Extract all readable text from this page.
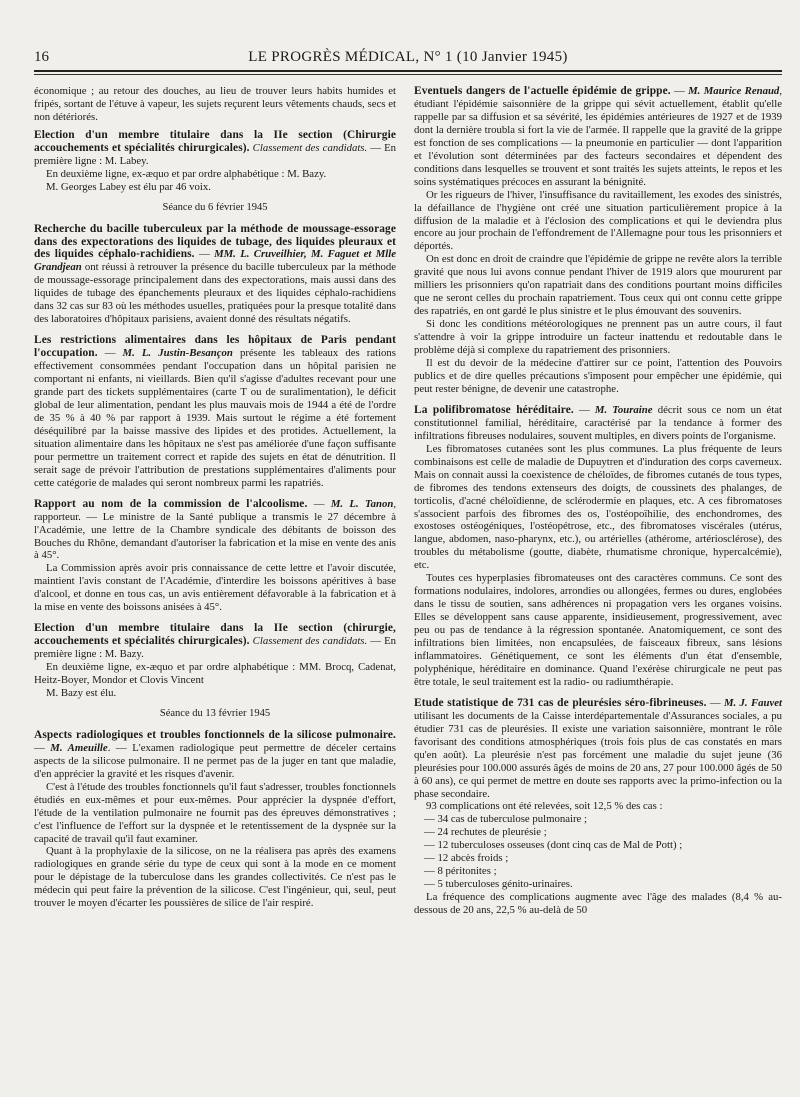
16	LE PROGRÈS MÉDICAL, N° 1 (10 Janvier 1945)

économique ; au retour des douches, au lieu de trouver leurs habits humides et fripés, sortant de l'étuve à vapeur, les sujets reçurent leurs vêtements chauds, secs et non détériorés.

Election d'un membre titulaire dans la IIe section (Chirurgie accouchements et spécialités chirurgicales). Classement des candidats. — En première ligne : M. Labey.

En deuxième ligne, ex-æquo et par ordre alphabétique : M. Bazy.

M. Georges Labey est élu par 46 voix.

Séance du 6 février 1945

Recherche du bacille tuberculeux par la méthode de moussage-essorage dans des expectorations des liquides de tubage, des liquides pleuraux et des liquides céphalo-rachidiens. — MM. L. Cruveilhier, M. Faguet et Mlle Grandjean ont réussi à retrouver la présence du bacille tuberculeux par la méthode de moussage-essorage principalement dans des expectorations, mais aussi dans des liquides de tubage des épanchements pleuraux et des liquides céphalo-rachidiens dans 32 cas sur 83 où les méthodes usuelles, pratiquées pour la presque totalité dans des laboratoires d'hôpitaux parisiens, avaient donné des résultats négatifs.

Les restrictions alimentaires dans les hôpitaux de Paris pendant l'occupation. — M. L. Justin-Besançon présente les tableaux des rations effectivement consommées pendant l'occupation dans un hôpital parisien ne comportant ni enfants, ni vieillards. Bien qu'il s'agisse d'adultes recevant pour une grande part des tickets supplémentaires (carte T ou de suralimentation), le déficit global de leur alimentation, pendant les plus mauvais mois de 1944 a été de l'ordre de 35 % à 40 % par rapport à 1939. Mais surtout le régime a été fortement déséquilibré par la baisse massive des lipides et des protides. Actuellement, la situation alimentaire dans les hôpitaux ne s'est pas améliorée d'une façon suffisante pour permettre un traitement correct et rapide des sujets en état de dénutrition. Il serait sage de prévoir l'attribution de prestations supplémentaires d'aliments pour cette catégorie de malades qui seront nombreux parmi les rapatriés.

Rapport au nom de la commission de l'alcoolisme. — M. L. Tanon, rapporteur. — Le ministre de la Santé publique a transmis le 27 décembre à l'Académie, une lettre de la Chambre syndicale des débitants de boisson des Bouches du Rhône, demandant d'autoriser la fabrication et la mise en vente des anis à 45°.

La Commission après avoir pris connaissance de cette lettre et l'avoir discutée, maintient l'avis constant de l'Académie, d'interdire les boissons apéritives à base d'alcool, et donne en tous cas, un avis entièrement défavorable à la fabrication et à la mise en vente des boissons anisées à 45°.

Election d'un membre titulaire dans la IIe section (chirurgie, accouchements et spécialités chirurgicales). Classement des candidats. — En première ligne : M. Bazy.

En deuxième ligne, ex-æquo et par ordre alphabétique : MM. Brocq, Cadenat, Heitz-Boyer, Mondor et Clovis Vincent

M. Bazy est élu.

Séance du 13 février 1945

Aspects radiologiques et troubles fonctionnels de la silicose pulmonaire. — M. Ameuille. — L'examen radiologique peut permettre de déceler certains aspects de la silicose pulmonaire. Il ne permet pas de la juger en tant que maladie, d'en apprécier la gravité et les risques d'avenir.

C'est à l'étude des troubles fonctionnels qu'il faut s'adresser, troubles fonctionnels étudiés en eux-mêmes et pour eux-mêmes. Pour apprécier la dyspnée d'effort, l'étude de la ventilation pulmonaire ne fournit pas des épreuves démonstratives ; c'est l'influence de l'effort sur la dyspnée et le retentissement de la dyspnée sur la capacité de travail qu'il faut examiner.

Quant à la prophylaxie de la silicose, on ne la réalisera pas après des examens radiologiques en grande série du type de ceux qui sont à la mode en ce moment pour le dépistage de la tuberculose dans les grandes collectivités. Ce n'est pas le médecin qui peut faire la prévention de la silicose. C'est l'ingénieur, qui, seul, peut trouver le moyen d'écarter les poussières de silice de l'air respiré.

Eventuels dangers de l'actuelle épidémie de grippe. — M. Maurice Renaud, étudiant l'épidémie saisonnière de la grippe qui sévit actuellement, établit qu'elle rappelle par sa diffusion et sa sévérité, les épidémies antérieures de 1927 et de 1939 dont la dernière troubla si fort la vie de l'armée. Il rappelle que la gravité de la grippe est fonction de ses complications — la pneumonie en particulier — dont l'apparition et l'évolution sont déterminées par des facteurs secondaires et dépendent des conditions dans lesquelles se trouvent et sont traités les sujets atteints, le repos et les soins systématiques précoces en assurant la bénignité.

Or les rigueurs de l'hiver, l'insuffisance du ravitaillement, les exodes des sinistrés, la défaillance de l'hygiène ont créé une situation particulièrement propice à la diffusion de la maladie et à l'éclosion des complications et qui le deviendra plus encore au jour prochain de l'effondrement de l'Allemagne pour tous les prisonniers et déportés.

On est donc en droit de craindre que l'épidémie de grippe ne revête alors la terrible gravité que nous lui avons connue pendant l'hiver de 1919 alors que moururent par milliers les prisonniers qu'on rapatriait dans des conditions pourtant moins difficiles que ne seront celles du prochain rapatriement. Tous ceux qui ont connu cette grippe des rapatriés, en ont gardé le plus sinistre et le plus émouvant des souvenirs.

Si donc les conditions météorologiques ne prennent pas un autre cours, il faut s'attendre à voir la grippe introduire un facteur inattendu et redoutable dans le problème déjà si complexe du rapatriement des prisonniers.

Il est du devoir de la médecine d'attirer sur ce point, l'attention des Pouvoirs publics et de dire quelles précautions s'imposent pour empêcher une épidémie, qui peut rester bénigne, de devenir une catastrophe.

La polifibromatose héréditaire. — M. Touraine décrit sous ce nom un état constitutionnel familial, héréditaire, caractérisé par la tendance à former des infiltrations fibreuses nodulaires, souvent multiples, en divers points de l'organisme.

Les fibromatoses cutanées sont les plus communes. La plus fréquente de leurs combinaisons est celle de maladie de Dupuytren et d'induration des corps caverneux. Mais on connait aussi la coexistence de chéloïdes, de fibromes cutanés de tous types, de fibromes des tendons extenseurs des doigts, de coussinets des phalanges, de torticolis, d'acné chéloïdienne, de sclérodermie en plaques, etc. A ces fibromatoses s'associent parfois des fibromes des os, l'ostéopoïhilie, des enchondromes, des exostoses ostéogéniques, l'ostéopétrose, etc., des fibromatoses viscérales (utérus, langue, abdomen, naso-pharynx, etc.), ou artérielles (athérome, artériosclérose), des troubles du métabolisme (goutte, diabète, rhumatisme chronique, hypercalcémie), etc.

Toutes ces hyperplasies fibromateuses ont des caractères communs. Ce sont des formations nodulaires, indolores, arrondies ou allongées, fermes ou dures, englobées dans le tissu de soutien, sans adhérences ni propagation vers les organes voisins. Elles se développent sans cause apparente, insidieusement, progressivement, avec peu ou pas de tendance à la régression spontanée. Anatomiquement, ce sont des infiltrations bien limitées, non encapsulées, de faisceaux fibreux, sans lésions inflammatoires. Génétiquement, ce sont les éléments d'un état d'ensemble, polyphénique, héréditaire en dominance. Quand l'exérèse chirurgicale ne peut pas être totale, le seul traitement est la radio- ou radiumthérapie.

Etude statistique de 731 cas de pleurésies séro-fibrineuses. — M. J. Fauvet utilisant les documents de la Caisse interdépartementale d'Assurances sociales, a pu étudier 731 cas de pleurésies. Il existe une variation saisonnière, montrant le rôle favorisant des conditions atmosphériques (trois fois plus de cas constatés en mars qu'en août). La pleurésie n'est pas forcément une maladie du sujet jeune (36 pleurésies pour 100.000 assurés âgés de moins de 20 ans, 27 pour 100.000 âgés de 50 à 60 ans), ce qui permet de mettre en doute ses rapports avec la primo-infection ou la phase secondaire.

93 complications ont été relevées, soit 12,5 % des cas :

— 34 cas de tuberculose pulmonaire ;
— 24 rechutes de pleurésie ;
— 12 tuberculoses osseuses (dont cinq cas de Mal de Pott) ;
— 12 abcès froids ;
— 8 péritonites ;
— 5 tuberculoses génito-urinaires.

La fréquence des complications augmente avec l'âge des malades (8,4 % au-dessous de 20 ans, 22,5 % au-delà de 50
